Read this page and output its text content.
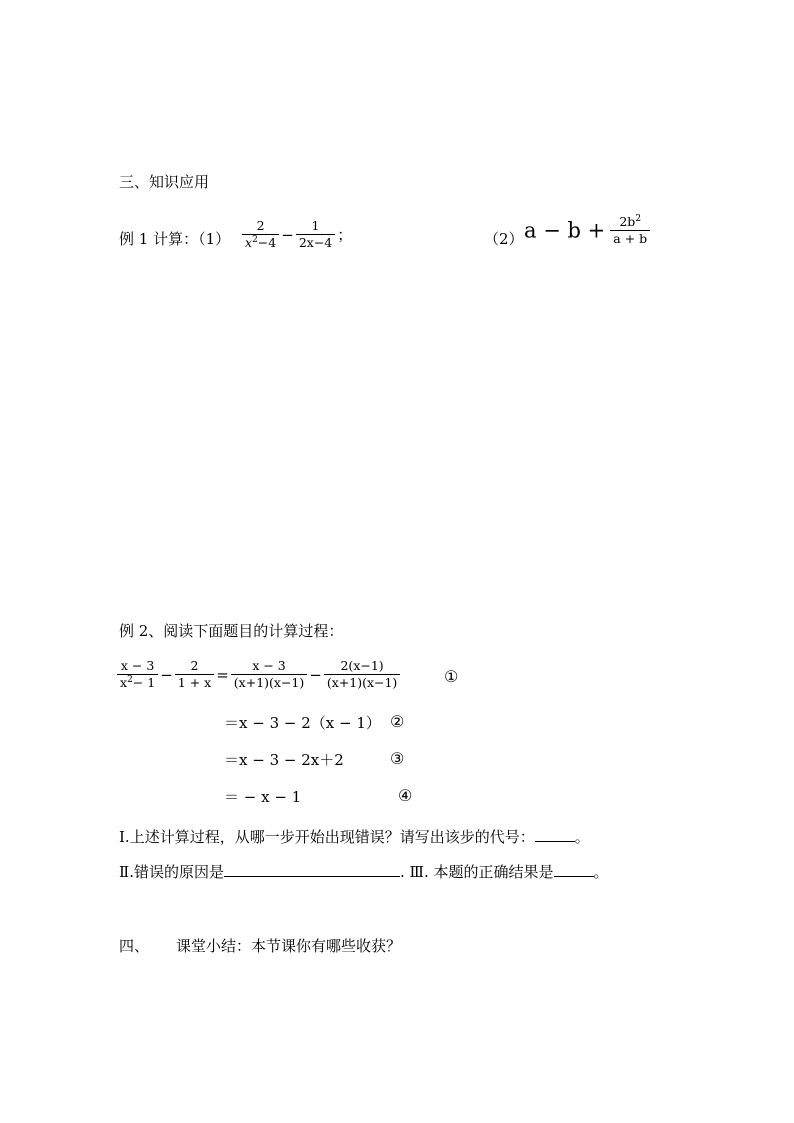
三、知识应用
例 1 计算：$(1) \frac{2}{x^2-4} - \frac{1}{2x-4}$ ；	（2） $a - b + \frac{2b^2}{a + b}$
例 2、阅读下面题目的计算过程：
$\frac{x - 3}{x^2- 1} - \frac{2}{1 + x} = \frac{x - 3}{(x+1)(x-1)} - \frac{2(x-1)}{(x+1)(x-1)}$	①
＝x − 3 − 2（x − 1） ②
＝x − 3 − 2x＋2	③
＝ − x − 1	④
Ⅰ.上述计算过程，从哪一步开始出现错误？请写出该步的代号：	。
Ⅱ.错误的原因是	. Ⅲ. 本题的正确结果是	。
四、 课堂小结：本节课你有哪些收获？
